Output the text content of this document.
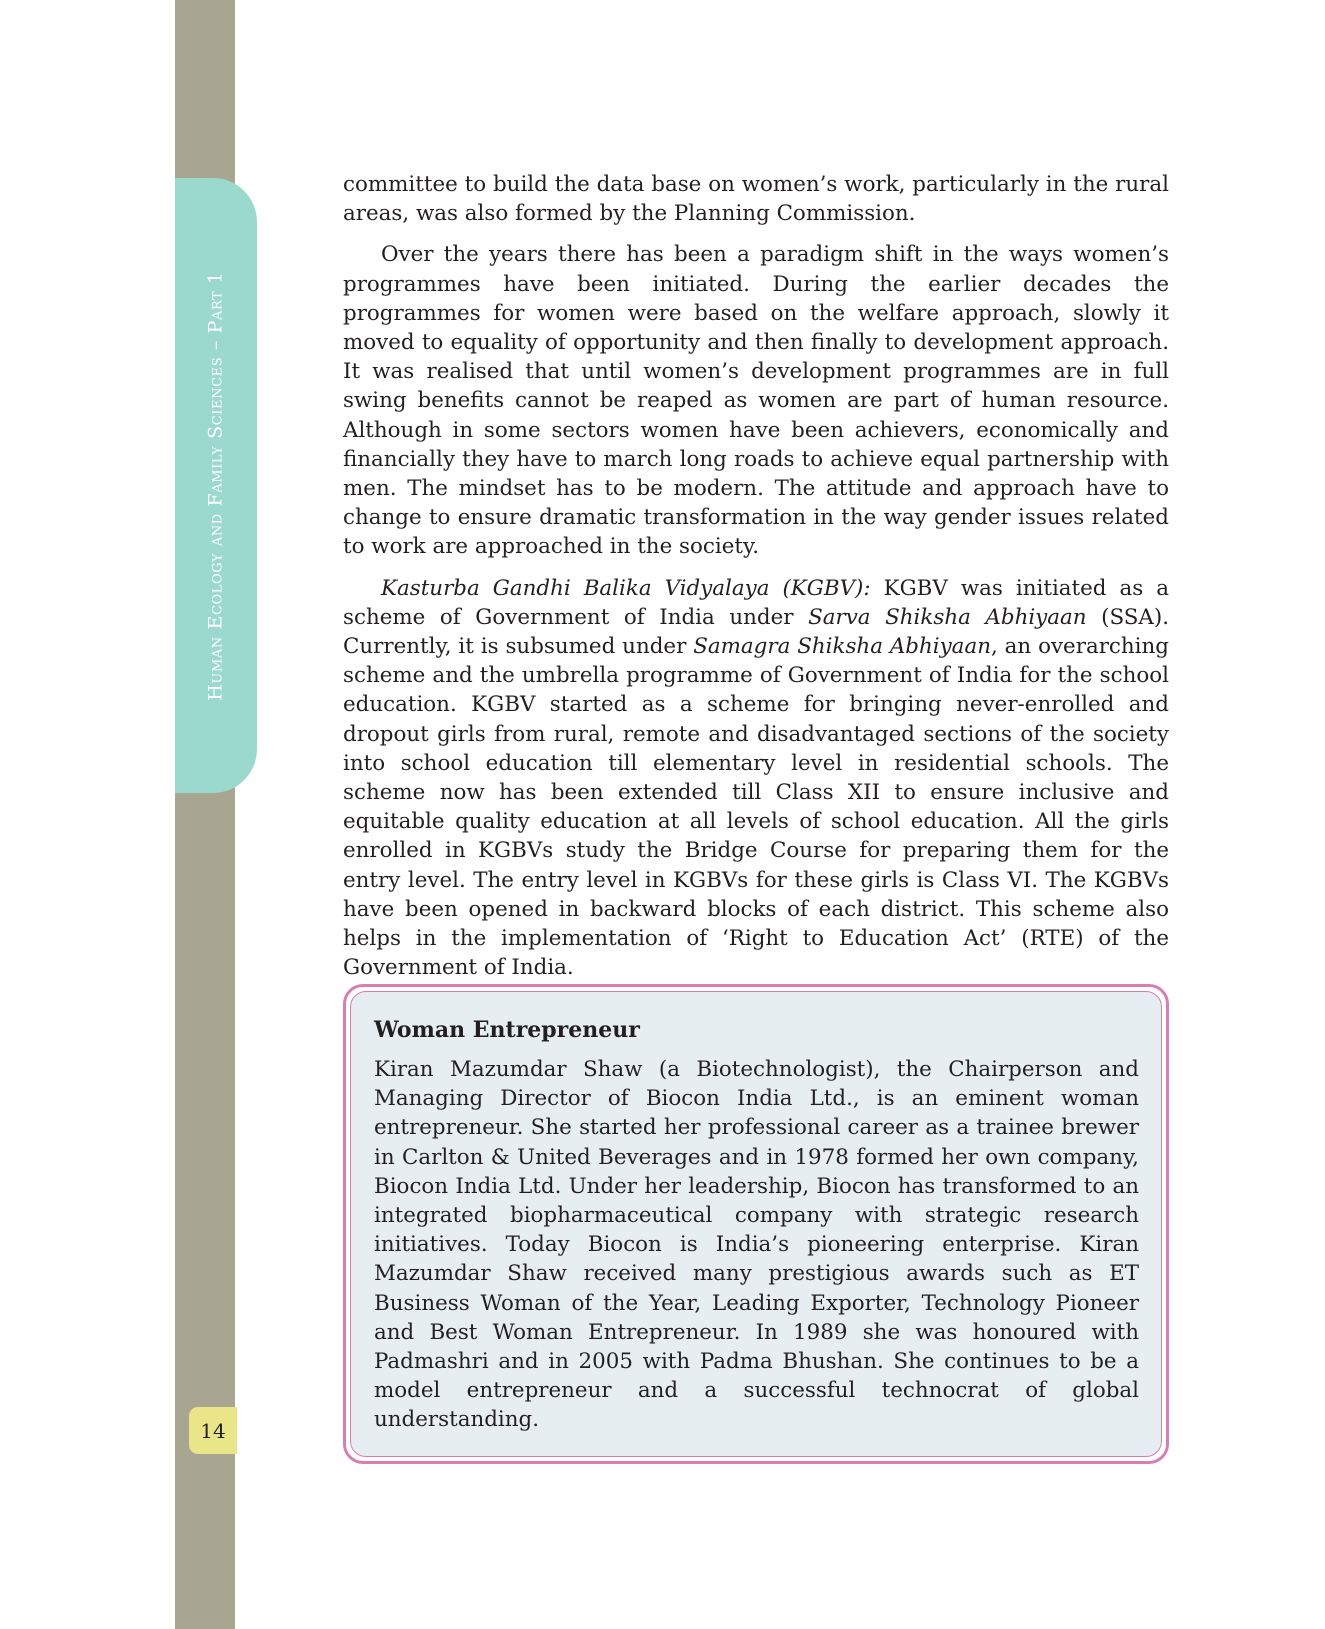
Human Ecology and Family Sciences – Part 1
14

committee to build the data base on women’s work, particularly in the rural areas, was also formed by the Planning Commission.

Over the years there has been a paradigm shift in the ways women’s programmes have been initiated. During the earlier decades the programmes for women were based on the welfare approach, slowly it moved to equality of opportunity and then finally to development approach. It was realised that until women’s development programmes are in full swing benefits cannot be reaped as women are part of human resource. Although in some sectors women have been achievers, economically and financially they have to march long roads to achieve equal partnership with men. The mindset has to be modern. The attitude and approach have to change to ensure dramatic transformation in the way gender issues related to work are approached in the society.

Kasturba Gandhi Balika Vidyalaya (KGBV): KGBV was initiated as a scheme of Government of India under Sarva Shiksha Abhiyaan (SSA). Currently, it is subsumed under Samagra Shiksha Abhiyaan, an overarching scheme and the umbrella programme of Government of India for the school education. KGBV started as a scheme for bringing never-enrolled and dropout girls from rural, remote and disadvantaged sections of the society into school education till elementary level in residential schools. The scheme now has been extended till Class XII to ensure inclusive and equitable quality education at all levels of school education. All the girls enrolled in KGBVs study the Bridge Course for preparing them for the entry level. The entry level in KGBVs for these girls is Class VI. The KGBVs have been opened in backward blocks of each district. This scheme also helps in the implementation of ‘Right to Education Act’ (RTE) of the Government of India.

Woman Entrepreneur

Kiran Mazumdar Shaw (a Biotechnologist), the Chairperson and Managing Director of Biocon India Ltd., is an eminent woman entrepreneur. She started her professional career as a trainee brewer in Carlton & United Beverages and in 1978 formed her own company, Biocon India Ltd. Under her leadership, Biocon has transformed to an integrated biopharmaceutical company with strategic research initiatives. Today Biocon is India’s pioneering enterprise. Kiran Mazumdar Shaw received many prestigious awards such as ET Business Woman of the Year, Leading Exporter, Technology Pioneer and Best Woman Entrepreneur. In 1989 she was honoured with Padmashri and in 2005 with Padma Bhushan. She continues to be a model entrepreneur and a successful technocrat of global understanding.
